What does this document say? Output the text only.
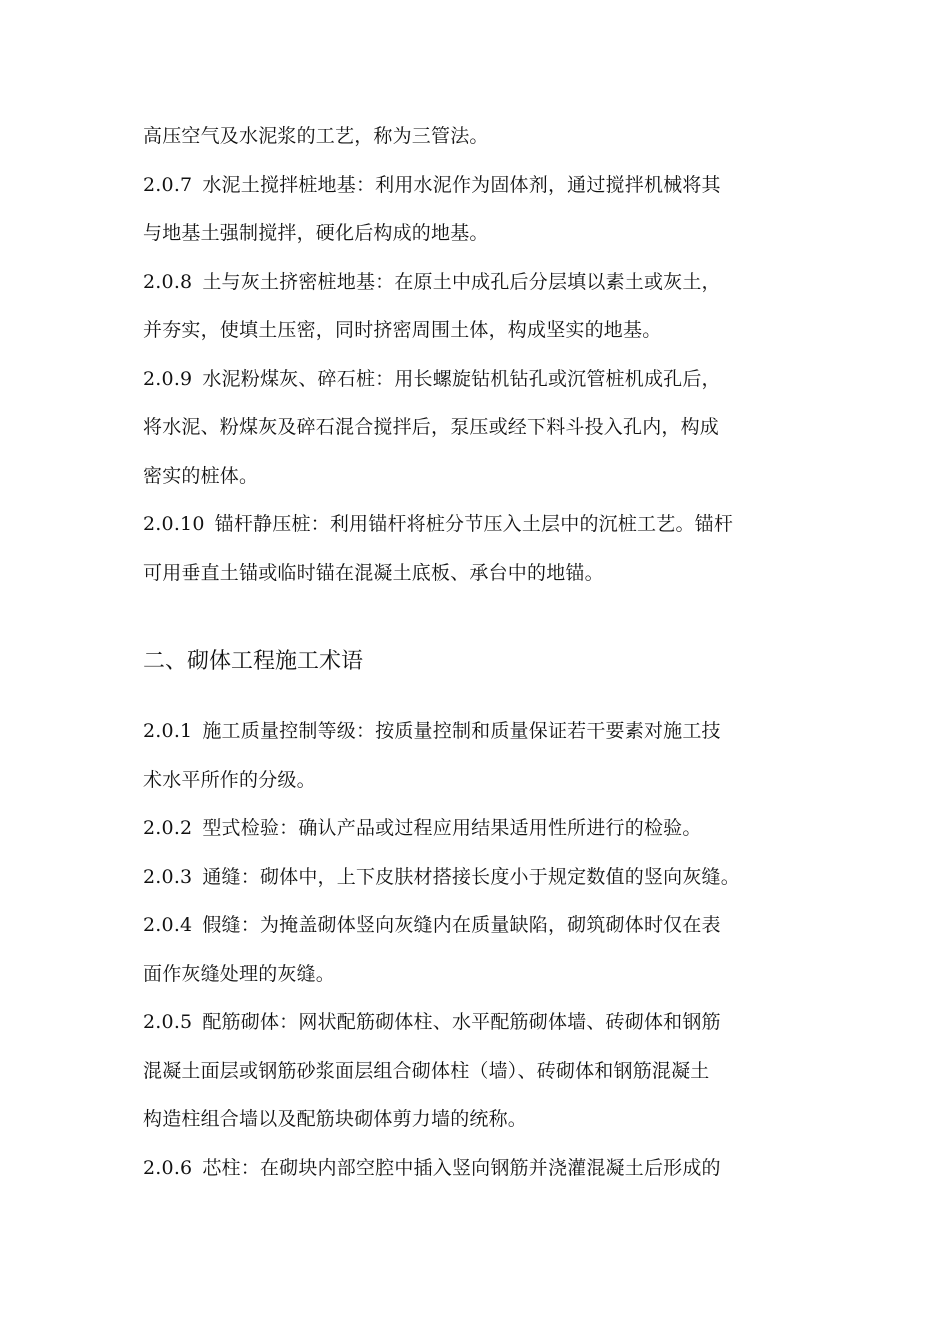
高压空气及水泥浆的工艺，称为三管法。
2.0.7 水泥土搅拌桩地基：利用水泥作为固体剂，通过搅拌机械将其
与地基土强制搅拌，硬化后构成的地基。
2.0.8 土与灰土挤密桩地基：在原土中成孔后分层填以素土或灰土，
并夯实，使填土压密，同时挤密周围土体，构成坚实的地基。
2.0.9 水泥粉煤灰、碎石桩：用长螺旋钻机钻孔或沉管桩机成孔后，
将水泥、粉煤灰及碎石混合搅拌后，泵压或经下料斗投入孔内，构成
密实的桩体。
2.0.10 锚杆静压桩：利用锚杆将桩分节压入土层中的沉桩工艺。锚杆
可用垂直土锚或临时锚在混凝土底板、承台中的地锚。
二、砌体工程施工术语
2.0.1 施工质量控制等级：按质量控制和质量保证若干要素对施工技
术水平所作的分级。
2.0.2 型式检验：确认产品或过程应用结果适用性所进行的检验。
2.0.3 通缝：砌体中，上下皮肤材搭接长度小于规定数值的竖向灰缝。
2.0.4 假缝：为掩盖砌体竖向灰缝内在质量缺陷，砌筑砌体时仅在表
面作灰缝处理的灰缝。
2.0.5 配筋砌体：网状配筋砌体柱、水平配筋砌体墙、砖砌体和钢筋
混凝土面层或钢筋砂浆面层组合砌体柱（墙）、砖砌体和钢筋混凝土
构造柱组合墙以及配筋块砌体剪力墙的统称。
2.0.6 芯柱：在砌块内部空腔中插入竖向钢筋并浇灌混凝土后形成的
